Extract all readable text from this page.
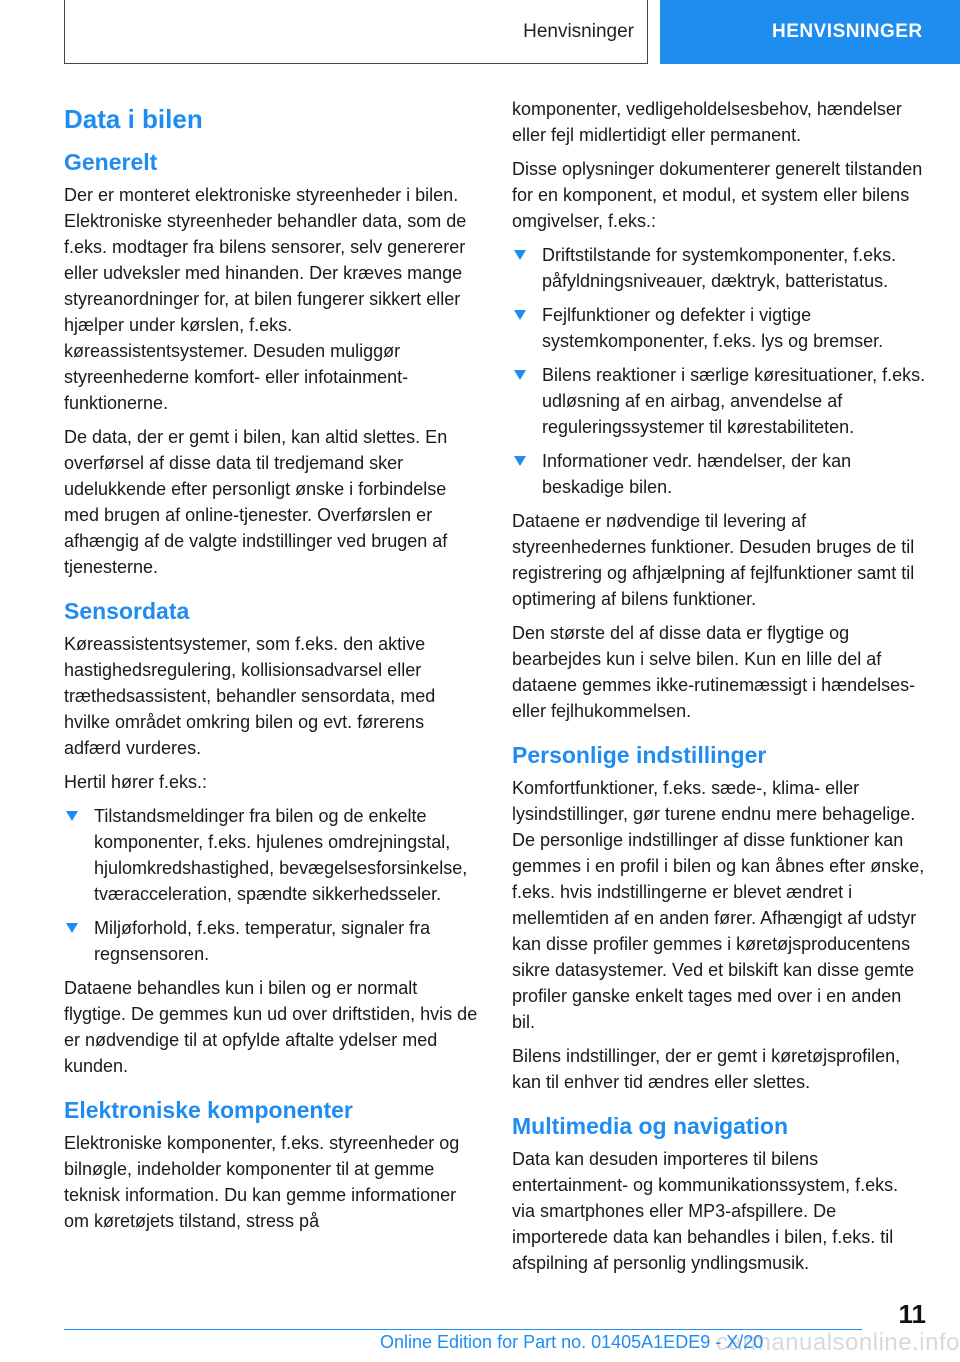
Henvisninger	HENVISNINGER
Data i bilen
Generelt

Der er monteret elektroniske styreenheder i bilen. Elektroniske styreenheder behandler data, som de f.eks. modtager fra bilens sensorer, selv genererer eller udveksler med hinanden. Der kræves mange styreanordninger for, at bilen fungerer sikkert eller hjælper under kørslen, f.eks. køreassistentsystemer. Desuden muliggør styreenhederne komfort- eller infotainment-funktionerne.

De data, der er gemt i bilen, kan altid slettes. En overførsel af disse data til tredjemand sker udelukkende efter personligt ønske i forbindelse med brugen af online-tjenester. Overførslen er afhængig af de valgte indstillinger ved brugen af tjenesterne.

Sensordata

Køreassistentsystemer, som f.eks. den aktive hastighedsregulering, kollisionsadvarsel eller træthedsassistent, behandler sensordata, med hvilke området omkring bilen og evt. førerens adfærd vurderes.

Hertil hører f.eks.:

Tilstandsmeldinger fra bilen og de enkelte komponenter, f.eks. hjulenes omdrejningstal, hjulomkredshastighed, bevægelsesforsinkelse, tværacceleration, spændte sikkerhedsseler.
Miljøforhold, f.eks. temperatur, signaler fra regnsensoren.

Dataene behandles kun i bilen og er normalt flygtige. De gemmes kun ud over driftstiden, hvis de er nødvendige til at opfylde aftalte ydelser med kunden.

Elektroniske komponenter

Elektroniske komponenter, f.eks. styreenheder og bilnøgle, indeholder komponenter til at gemme teknisk information. Du kan gemme informationer om køretøjets tilstand, stress på

komponenter, vedligeholdelsesbehov, hændelser eller fejl midlertidigt eller permanent.

Disse oplysninger dokumenterer generelt tilstanden for en komponent, et modul, et system eller bilens omgivelser, f.eks.:

Driftstilstande for systemkomponenter, f.eks. påfyldningsniveauer, dæktryk, batteristatus.
Fejlfunktioner og defekter i vigtige systemkomponenter, f.eks. lys og bremser.
Bilens reaktioner i særlige køresituationer, f.eks. udløsning af en airbag, anvendelse af reguleringssystemer til kørestabiliteten.
Informationer vedr. hændelser, der kan beskadige bilen.

Dataene er nødvendige til levering af styreenhedernes funktioner. Desuden bruges de til registrering og afhjælpning af fejlfunktioner samt til optimering af bilens funktioner.

Den største del af disse data er flygtige og bearbejdes kun i selve bilen. Kun en lille del af dataene gemmes ikke-rutinemæssigt i hændelses- eller fejlhukommelsen.

Personlige indstillinger

Komfortfunktioner, f.eks. sæde-, klima- eller lysindstillinger, gør turene endnu mere behagelige. De personlige indstillinger af disse funktioner kan gemmes i en profil i bilen og kan åbnes efter ønske, f.eks. hvis indstillingerne er blevet ændret i mellemtiden af en anden fører. Afhængigt af udstyr kan disse profiler gemmes i køretøjsproducentens sikre datasystemer. Ved et bilskift kan disse gemte profiler ganske enkelt tages med over i en anden bil.

Bilens indstillinger, der er gemt i køretøjsprofilen, kan til enhver tid ændres eller slettes.

Multimedia og navigation

Data kan desuden importeres til bilens entertainment- og kommunikationssystem, f.eks. via smartphones eller MP3-afspillere. De importerede data kan behandles i bilen, f.eks. til afspilning af personlig yndlingsmusik.

11
carmanualsonline.info
Online Edition for Part no. 01405A1EDE9 - X/20
